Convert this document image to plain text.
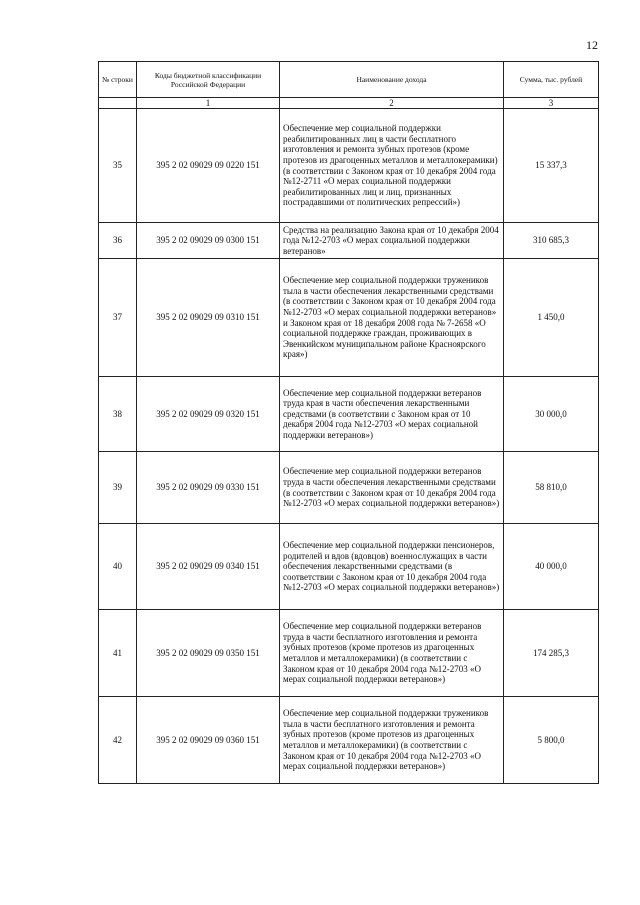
12
№ строки	Коды бюджетной классификации Российской Федерации	Наименование дохода	Сумма, тыс. рублей
	1	2	3
35	395 2 02 09029 09 0220 151	Обеспечение мер социальной поддержки реабилитированных лиц в части бесплатного изготовления и ремонта зубных протезов (кроме протезов из драгоценных металлов и металлокерамики) (в соответствии с Законом края от 10 декабря 2004 года №12-2711 «О мерах социальной поддержки реабилитированных лиц и лиц, признанных пострадавшими от политических репрессий»)	15 337,3
36	395 2 02 09029 09 0300 151	Средства на реализацию Закона края от 10 декабря 2004 года №12-2703 «О мерах социальной поддержки ветеранов»	310 685,3
37	395 2 02 09029 09 0310 151	Обеспечение мер социальной поддержки тружеников тыла в части обеспечения лекарственными средствами (в соответствии с Законом края от 10 декабря 2004 года №12-2703 «О мерах социальной поддержки ветеранов» и Законом края от 18 декабря 2008 года № 7-2658 «О социальной поддержке граждан, проживающих в Эвенкийском муниципальном районе Красноярского края»)	1 450,0
38	395 2 02 09029 09 0320 151	Обеспечение мер социальной поддержки ветеранов труда края в части обеспечения лекарственными средствами (в соответствии с Законом края от 10 декабря 2004 года №12-2703 «О мерах социальной поддержки ветеранов»)	30 000,0
39	395 2 02 09029 09 0330 151	Обеспечение мер социальной поддержки ветеранов труда в части обеспечения лекарственными средствами (в соответствии с Законом края от 10 декабря 2004 года №12-2703 «О мерах социальной поддержки ветеранов»)	58 810,0
40	395 2 02 09029 09 0340 151	Обеспечение мер социальной поддержки пенсионеров, родителей и вдов (вдовцов) военнослужащих в части обеспечения лекарственными средствами (в соответствии с Законом края от 10 декабря 2004 года №12-2703 «О мерах социальной поддержки ветеранов»)	40 000,0
41	395 2 02 09029 09 0350 151	Обеспечение мер социальной поддержки ветеранов труда в части бесплатного изготовления и ремонта зубных протезов (кроме протезов из драгоценных металлов и металлокерамики) (в соответствии с Законом края от 10 декабря 2004 года №12-2703 «О мерах социальной поддержки ветеранов»)	174 285,3
42	395 2 02 09029 09 0360 151	Обеспечение мер социальной поддержки тружеников тыла в части бесплатного изготовления и ремонта зубных протезов (кроме протезов из драгоценных металлов и металлокерамики) (в соответствии с Законом края от 10 декабря 2004 года №12-2703 «О мерах социальной поддержки ветеранов»)	5 800,0
